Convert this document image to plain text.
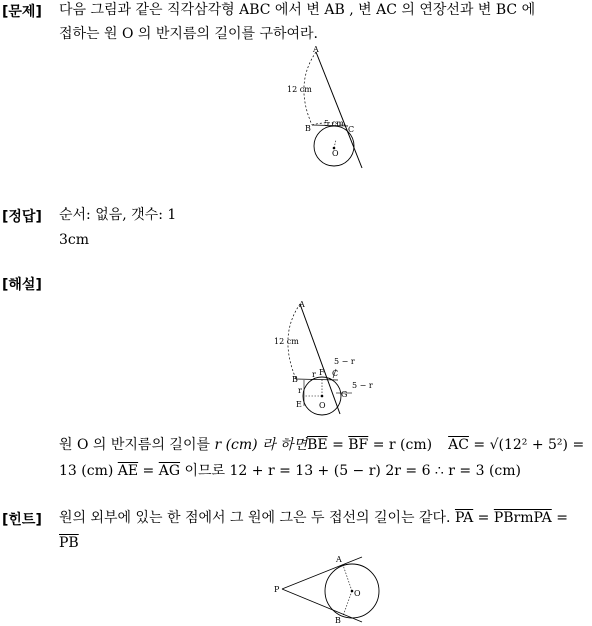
[문제] 다음 그림과 같은 직각삼각형 ABC 에서 변 AB , 변 AC 의 연장선과 변 BC 에
접하는 원 O 의 반지름의 길이를 구하여라.
A
12 cm
B
5 cm
C
O
[정답] 순서: 없음, 갯수: 1
3cm
[해설]
A
12 cm
5 − r
r F C
B
5 − r
r	G
E O
원 O 의 반지름의 길이를 r (cm) 라 하면$\overline{BE} = \overline{BF} = r$ (cm) $\overline{AC} = √(12^2 + 5^2)$ =
13 (cm) $\overline{AE} = \overline{AG}$ 이므로 12 + r = 13 + (5 − r) 2r = 6 ∴ r = 3 (cm)
[힌트] 원의 외부에 있는 한 점에서 그 원에 그은 두 접선의 길이는 같다. $\overline{PA}$ = PBrmPA =
$\overline{PB}$
P
A
O
B
